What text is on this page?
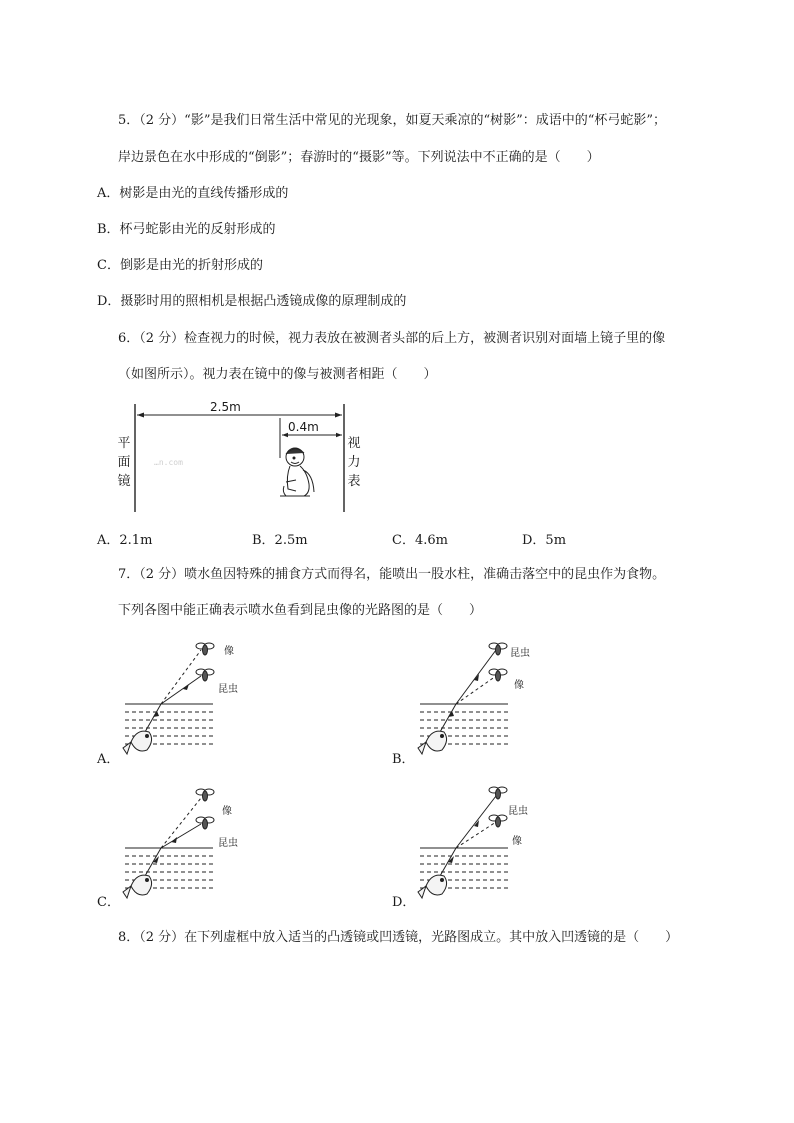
5．（2 分）“影”是我们日常生活中常见的光现象，如夏天乘凉的“树影”：成语中的“杯弓蛇影”；
岸边景色在水中形成的“倒影”；春游时的“摄影”等。下列说法中不正确的是（　　）
A．树影是由光的直线传播形成的
B．杯弓蛇影由光的反射形成的
C．倒影是由光的折射形成的
D．摄影时用的照相机是根据凸透镜成像的原理制成的
6．（2 分）检查视力的时候，视力表放在被测者头部的后上方，被测者识别对面墙上镜子里的像
（如图所示）。视力表在镜中的像与被测者相距（　　）
2.5m
0.4m
…n.com
平
面
镜
视
力
表
A．2.1m	B．2.5m	C．4.6m	D．5m
7．（2 分）喷水鱼因特殊的捕食方式而得名，能喷出一股水柱，准确击落空中的昆虫作为食物。
下列各图中能正确表示喷水鱼看到昆虫像的光路图的是（　　）
像
昆虫
A．
昆虫
像
B．
像
昆虫
C．
昆虫
像
D．
8．（2 分）在下列虚框中放入适当的凸透镜或凹透镜，光路图成立。其中放入凹透镜的是（　　）
